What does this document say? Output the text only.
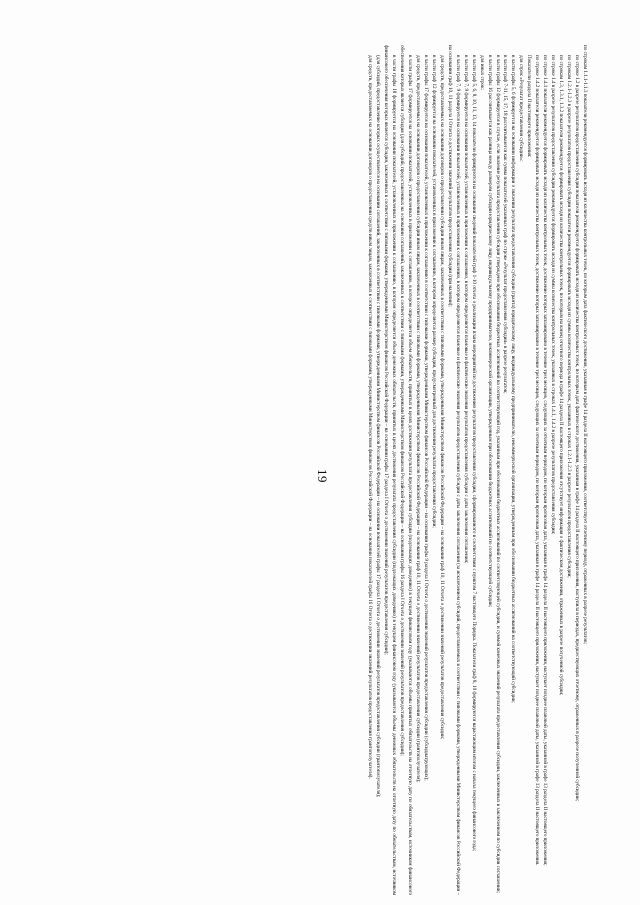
19	по строкам 1.1.1-1.1.3 показатели рекомендуется формировать исходя из количества контрольных точек, по которым дата фактического достижения, указанная в графе 14 раздела II настоящего приложения, соответствует отчетному периоду, отраженных в разрезе результатов;

по строке 1.2 в разрезе результатов предоставления субсидии показатели рекомендуется формировать исходя из количества контрольных точек, по которым дата фактического достижения, указанная в графе 14 раздела II настоящего приложения, наступила в периодах, предшествующих отчетному, отраженных в разрезе полученной субсидии;

по строкам 1.2.1-1.2.3 в разрезе результатов предоставления субсидии показатели рекомендуется формировать исходя из суммы количества контрольных точек, указанных в строках 1.2.1-1.2.3 в разрезе результатов предоставления субсидии;

по строкам 1.3, 1.3.1, 1.3.2 показатели рекомендуется формировать исходя из количества контрольных точек, по которым на конец отчетного периода в графе 14 раздела II настоящего приложения отсутствует информация о фактическом достижении, отраженных в разрезе полученной субсидии;

по строке 1.4 в разрезе результатов предоставления субсидии рекомендуется формировать исходя из суммы количества контрольных точек, указанных в строках 1.4.1, 1.4.2 в разрезе результатов предоставления субсидии;

по строке 1.4.1 показатели рекомендуется формировать исходя из количества контрольных точек, достижение которых запланировано в течение трех месяцев, следующих за отчетным периодом, по которым прогнозная дата, указанная в графе 14 раздела II настоящего приложения, наступает позднее плановой даты, указанной в графе 13 раздела II настоящего приложения;

по строке 1.4.2 показатели рекомендуется формировать исходя из количества контрольных точек, достижение которых запланировано в течение трех месяцев, следующих за отчетным периодом, по которым прогнозная дата, указанная в графе 14 раздела II настоящего приложения, наступает позднее плановой даты, указанной в графе 13 раздела II настоящего приложения.

Показатели раздела II настоящего приложения:

для строк «Результат предоставления субсидии»:

в части графы 5, 6 формируется на основании информации о значении результата предоставления субсидии (гранта) юридическому лицу, индивидуальному предпринимателю, некоммерческой организации, утвержденным при обосновании бюджетных ассигнований на соответствующий субсидии;

в части граф 7-11, 15, 17, 18 рассчитываются как сумма показателей указанных граф по строке «Результат предоставления субсидии» в разрезе результатов;

в части графы 12 формируется в случае, если значение результата предоставления субсидии утверждено при обосновании бюджетных ассигнований на соответствующий год, указанным при обосновании бюджетных ассигнований по соответствующей субсидии, и суммой конечных значений результата предоставления субсидии, заключенных в заключенном по субсидии соглашении;

в части графы 16 рассчитывается как разница между размером субсидии юридическому лицу, индивидуальному предпринимателю, некоммерческой организации, утвержденным при обосновании бюджетных ассигнований по соответствующей субсидии;

для иных строк:

в части граф 5, 6, 8, 10, 11, 13, 14 показатели формируются на основании сведений показателей граф 1-10 отчета о реализации плана мероприятий по достижению результатов предоставления субсидии, сформированного в соответствии с пунктом 7 настоящего Порядка. Показатели граф 8, 10 формируются нарастающим итогом с начала текущего финансового года;

в части граф 7, 9 формируется на основании показателей, установленных в приложении к соглашению, в котором определяются плановые и фактические значения результатов предоставления субсидии с даты заключения соглашения;

в части граф 7, 9 формируется на основании показателей, установленных в приложении к соглашению, в котором определяются плановые и фактические значения результатов предоставления субсидии с даты заключения соглашения (за исключением субсидий, предоставляемых в соответствии с типовыми формами, утвержденными Министерством финансов Российской Федерации – на основании граф 10, 11 раздела I Отчета о достижении значений результатов предоставления субсидии (при наличии);

для средств, предоставляемых на основании договоров о предоставлении субсидии иным лицам, заключенных в соответствии с типовыми формами, утвержденными Министерством финансов Российской Федерации – на основании граф 10, 11 Отчета о достижении значений результатов предоставления субсидии;

в части граф 12 формируется на основании показателей, установленных в приложении к соглашению, в котором определяется размер субсидии, предусмотренный для достижения результата предоставления субсидии;

в части графы 17 формируется на основании показателей, установленных в приложении к соглашению в соответствии с типовыми формами, утвержденными Министерством финансов Российской Федерации – на основании графы 9 раздела I Отчета о достижении значений результатов предоставления субсидии (субсидиатрующих);

для средств, предоставляемых на основании договоров о предоставлении субсидии иным лицам, заключенных в соответствии с типовыми формами, утвержденными Министерством финансов Российской Федерации – на основании граф 10, 11 Отчета о достижении значений результатов предоставления субсидии (грантополучателя);

в части графы 17 формируется на основании показателей, установленных в приложении к соглашению, в котором определяется объем обязательств, принятых в целях достижения результата предоставления субсидии (подлежащих доведению) в текущем финансовом году (указываются объемы принятых обязательств на отчетную дату по обязательствам, источником финансового обеспечения которых является субсидия (для субсидий, предоставленных на основании соглашений, заключенных в соответствии с типовыми формами, утвержденными Министерством финансов Российской Федерации – на основании графы 16 раздела I Отчета о достижении значений результатов предоставления субсидии);

в части графы 18 формируется на основании показателей, установленных в приложении к соглашению, в котором определяется объем денежных обязательств, принятых в целях достижения результата предоставления субсидии (подлежащих доведению) в текущем финансовом году (указываются объемы денежных обязательств на отчетную дату по обязательствам, источником финансового обеспечения которых является субсидия, заключенных в соответствии с типовыми формами, утвержденными Министерством финансов Российской Федерации – на основании графы 17 раздела I Отчета о достижении значений результатов предоставления субсидии);

(для субсидий, предоставление которых осуществляется на основании соглашений, заключенных в соответствии с типовыми формами, утвержденными Министерством финансов Российской Федерации – на основании показателей графы 17 раздела I Отчета о достижении значений результатов предоставления субсидии (грантополучателя);

для средств, предоставляемых на основании договоров о предоставлении средств иным лицам, заключенных в соответствии с типовыми формами, утвержденными Министерством финансов Российской Федерации – на основании показателей графы 16 Отчета о достижении значений результатов предоставления грантополучателя).
